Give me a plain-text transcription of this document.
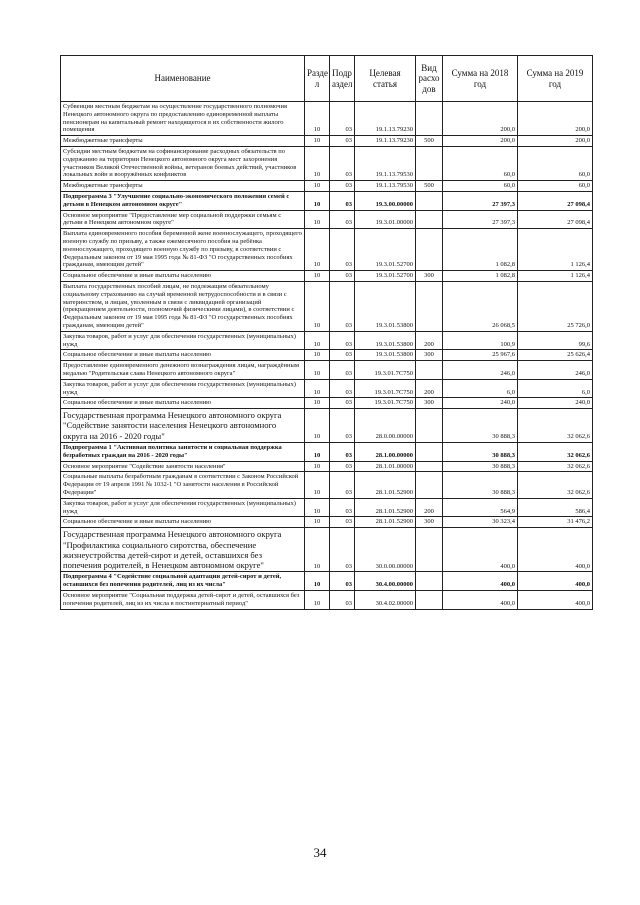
Наименование	Разде л	Подр аздел	Целевая статья	Вид расхо дов	Сумма на 2018 год	Сумма на 2019 год
Субвенции местным бюджетам на осуществление государственного полномочия Ненецкого автономного округа по предоставлению единовременной выплаты пенсионерам на капитальный ремонт находящегося в их собственности жилого помещения	10	03	19.1.13.79230		200,0	200,0
Межбюджетные трансферты	10	03	19.1.13.79230	500	200,0	200,0
Субсидии местным бюджетам на софинансирование расходных обязательств по содержанию на территории Ненецкого автономного округа мест захоронения участников Великой Отечественной войны, ветеранов боевых действий, участников локальных войн и вооружённых конфликтов	10	03	19.1.13.79530		60,0	60,0
Межбюджетные трансферты	10	03	19.1.13.79530	500	60,0	60,0
Подпрограмма 3 "Улучшение социально-экономического положения семей с детьми в Ненецком автономном округе"	10	03	19.3.00.00000		27 397,3	27 098,4
Основное мероприятие "Предоставление мер социальной поддержки семьям с детьми в Ненецком автономном округе"	10	03	19.3.01.00000		27 397,3	27 098,4
Выплата единовременного пособия беременной жене военнослужащего, проходящего военную службу по призыву, а также ежемесячного пособия на ребёнка военнослужащего, проходящего военную службу по призыву, в соответствии с Федеральным законом от 19 мая 1995 года № 81-ФЗ "О государственных пособиях гражданам, имеющим детей"	10	03	19.3.01.52700		1 082,8	1 126,4
Социальное обеспечение и иные выплаты населению	10	03	19.3.01.52700	300	1 082,8	1 126,4
Выплата государственных пособий лицам, не подлежащим обязательному социальному страхованию на случай временной нетрудоспособности и в связи с материнством, и лицам, уволенным в связи с ликвидацией организаций (прекращением деятельности, полномочий физическими лицами), в соответствии с Федеральным законом от 19 мая 1995 года № 81-ФЗ "О государственных пособиях гражданам, имеющим детей"	10	03	19.3.01.53800		26 068,5	25 726,0
Закупка товаров, работ и услуг для обеспечения государственных (муниципальных) нужд	10	03	19.3.01.53800	200	100,9	99,6
Социальное обеспечение и иные выплаты населению	10	03	19.3.01.53800	300	25 967,6	25 626,4
Предоставление единовременного денежного вознаграждения лицам, награждённым медалью "Родительская слава Ненецкого автономного округа"	10	03	19.3.01.7C750		246,0	246,0
Закупка товаров, работ и услуг для обеспечения государственных (муниципальных) нужд	10	03	19.3.01.7C750	200	6,0	6,0
Социальное обеспечение и иные выплаты населению	10	03	19.3.01.7C750	300	240,0	240,0
Государственная программа Ненецкого автономного округа "Содействие занятости населения Ненецкого автономного округа на 2016 - 2020 годы"	10	03	28.0.00.00000		30 888,3	32 062,6
Подпрограмма 1 "Активная политика занятости и социальная поддержка безработных граждан на 2016 - 2020 годы"	10	03	28.1.00.00000		30 888,3	32 062,6
Основное мероприятие "Содействие занятости населения"	10	03	28.1.01.00000		30 888,3	32 062,6
Социальные выплаты безработным гражданам в соответствии с Законом Российской Федерации от 19 апреля 1991 № 1032-1 "О занятости населения в Российской Федерации"	10	03	28.1.01.52900		30 888,3	32 062,6
Закупка товаров, работ и услуг для обеспечения государственных (муниципальных) нужд	10	03	28.1.01.52900	200	564,9	586,4
Социальное обеспечение и иные выплаты населению	10	03	28.1.01.52900	300	30 323,4	31 476,2
Государственная программа Ненецкого автономного округа "Профилактика социального сиротства, обеспечение жизнеустройства детей-сирот и детей, оставшихся без попечения родителей, в Ненецком автономном округе"	10	03	30.0.00.00000		400,0	400,0
Подпрограмма 4 "Содействие социальной адаптации детей-сирот и детей, оставшихся без попечения родителей, лиц из их числа"	10	03	30.4.00.00000		400,0	400,0
Основное мероприятие "Социальная поддержка детей-сирот и детей, оставшихся без попечения родителей, лиц из их числа в постинтернатный период"	10	03	30.4.02.00000		400,0	400,0
34
